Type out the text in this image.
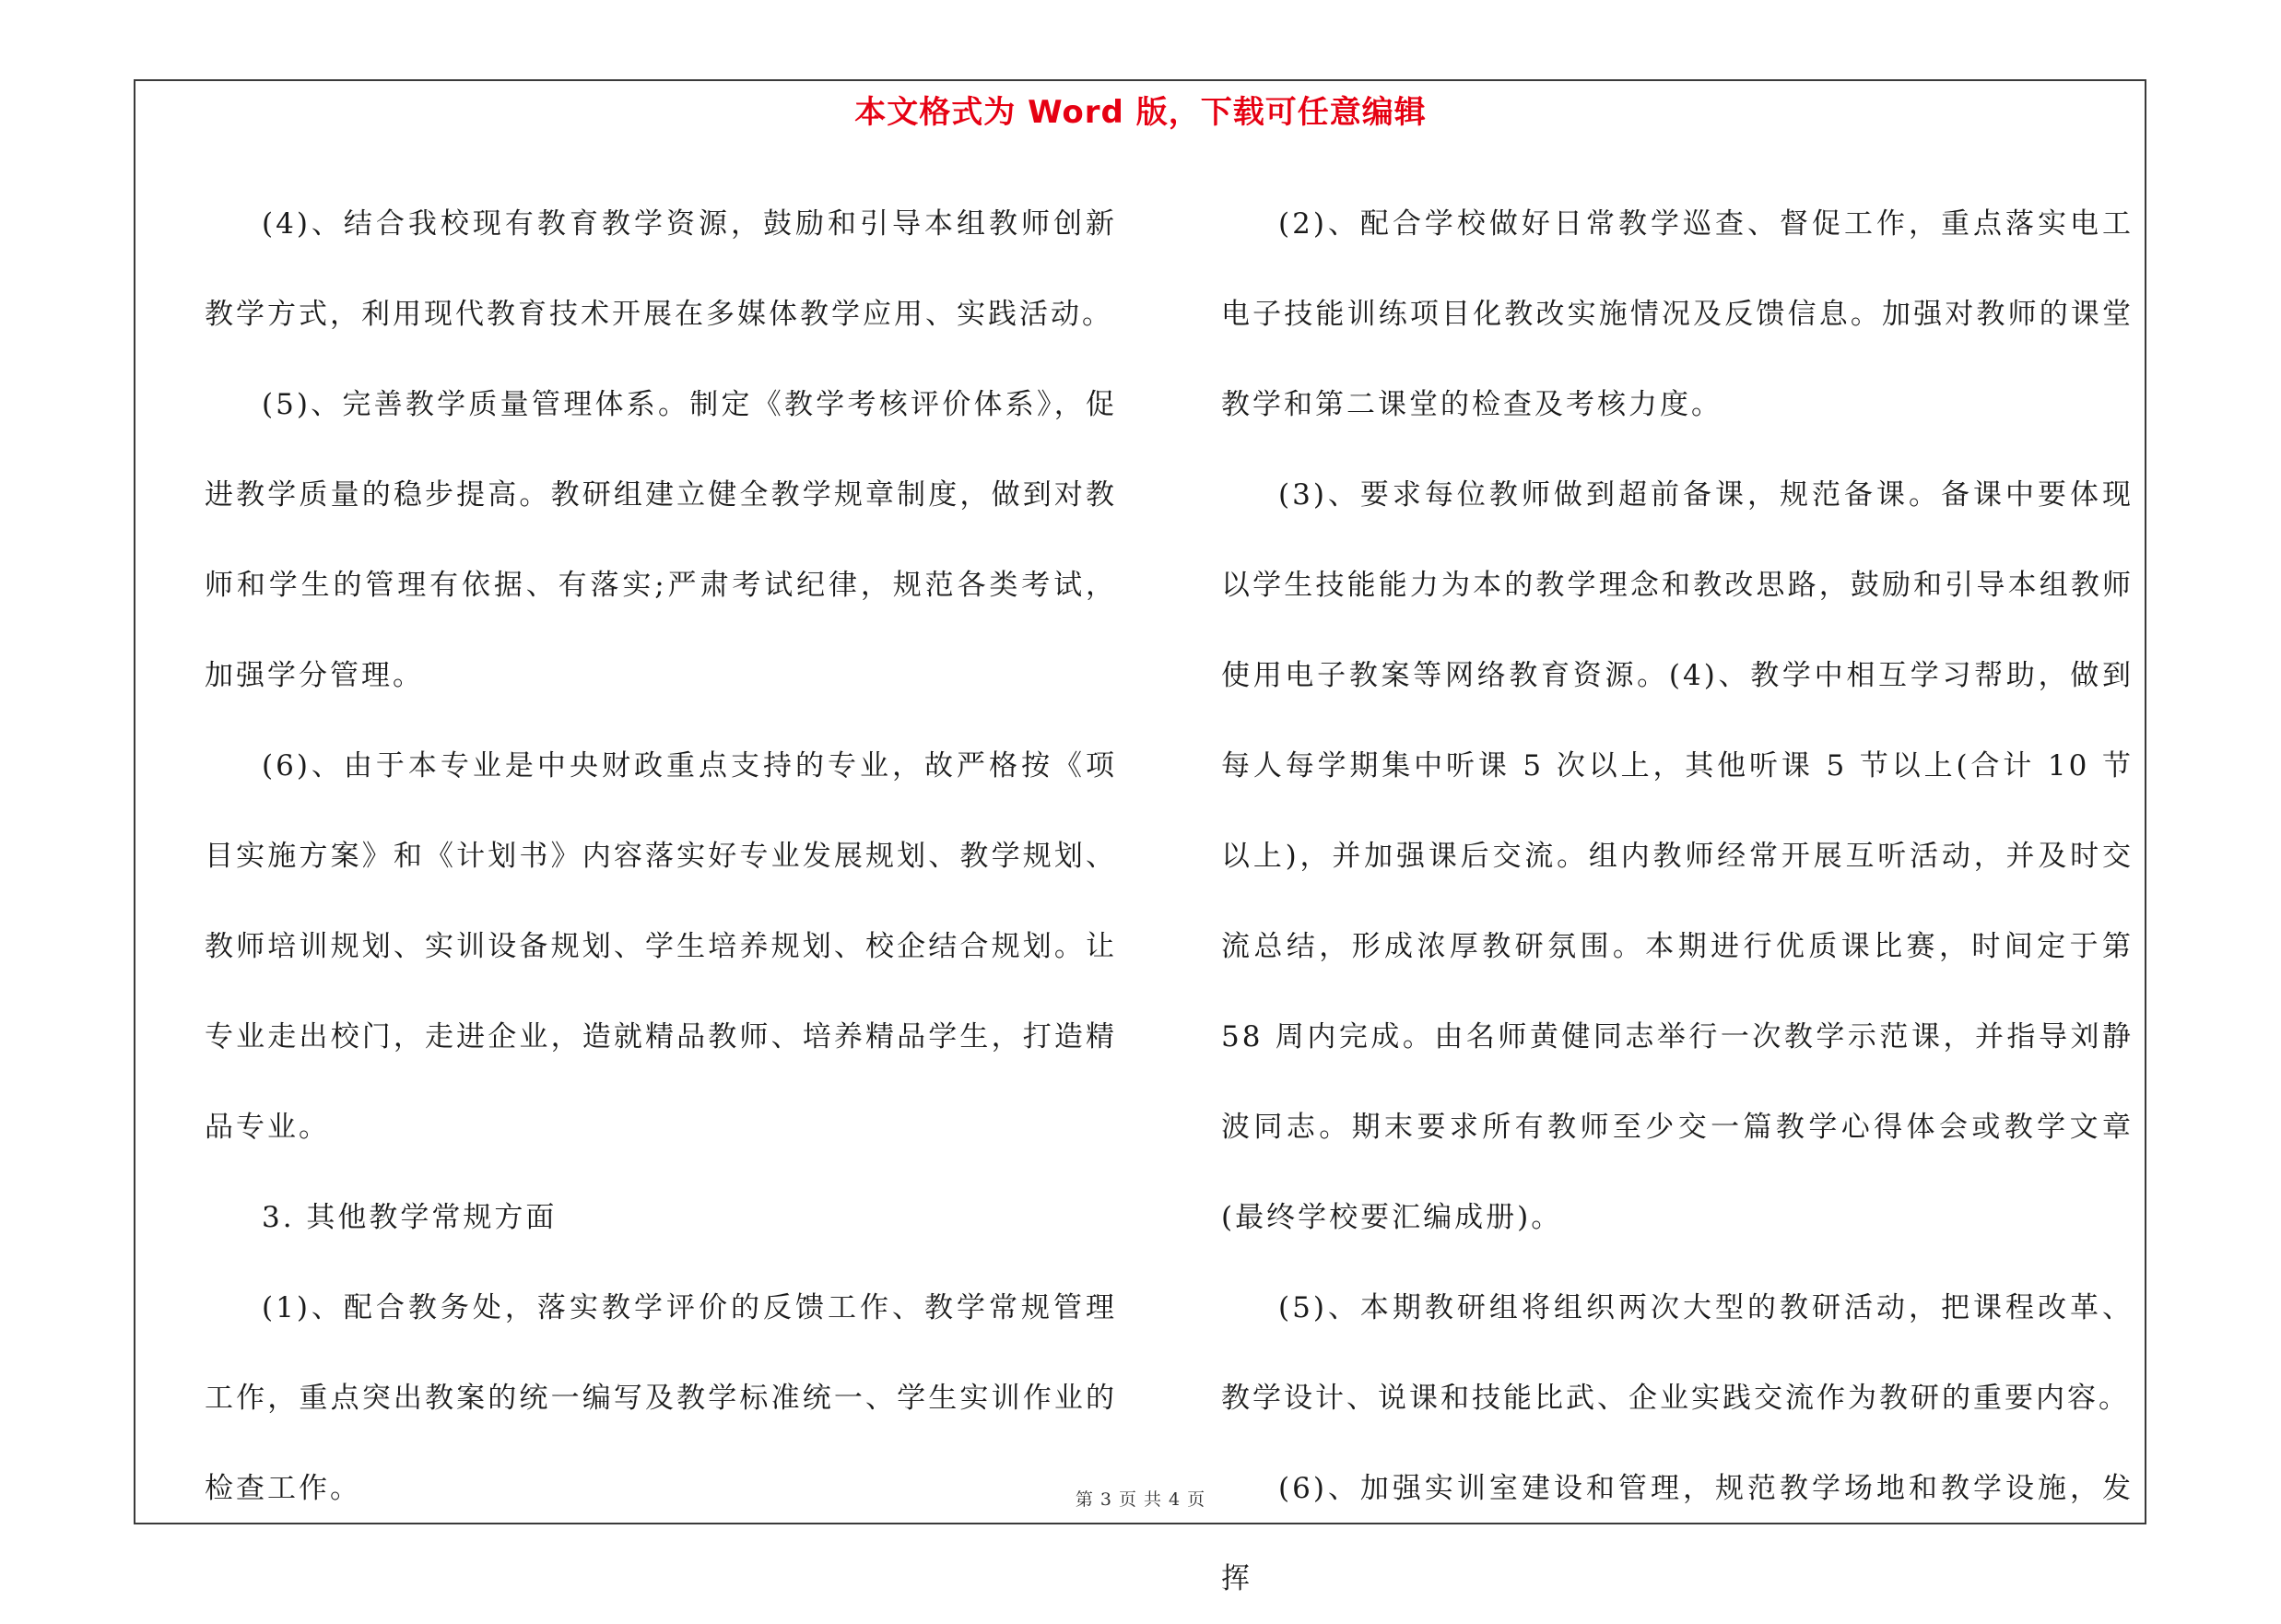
本文格式为 Word 版，下载可任意编辑

(4)、结合我校现有教育教学资源，鼓励和引导本组教师创新教学方式，利用现代教育技术开展在多媒体教学应用、实践活动。

(5)、完善教学质量管理体系。制定《教学考核评价体系》，促进教学质量的稳步提高。教研组建立健全教学规章制度，做到对教师和学生的管理有依据、有落实;严肃考试纪律，规范各类考试，加强学分管理。

(6)、由于本专业是中央财政重点支持的专业，故严格按《项目实施方案》和《计划书》内容落实好专业发展规划、教学规划、教师培训规划、实训设备规划、学生培养规划、校企结合规划。让专业走出校门，走进企业，造就精品教师、培养精品学生，打造精品专业。

3. 其他教学常规方面

(1)、配合教务处，落实教学评价的反馈工作、教学常规管理工作，重点突出教案的统一编写及教学标准统一、学生实训作业的检查工作。

(2)、配合学校做好日常教学巡查、督促工作，重点落实电工电子技能训练项目化教改实施情况及反馈信息。加强对教师的课堂教学和第二课堂的检查及考核力度。

(3)、要求每位教师做到超前备课，规范备课。备课中要体现以学生技能能力为本的教学理念和教改思路，鼓励和引导本组教师使用电子教案等网络教育资源。(4)、教学中相互学习帮助，做到每人每学期集中听课 5 次以上，其他听课 5 节以上(合计 10 节以上)，并加强课后交流。组内教师经常开展互听活动，并及时交流总结，形成浓厚教研氛围。本期进行优质课比赛，时间定于第 58 周内完成。由名师黄健同志举行一次教学示范课，并指导刘静波同志。期末要求所有教师至少交一篇教学心得体会或教学文章(最终学校要汇编成册)。

(5)、本期教研组将组织两次大型的教研活动，把课程改革、教学设计、说课和技能比武、企业实践交流作为教研的重要内容。

(6)、加强实训室建设和管理，规范教学场地和教学设施，发挥

第 3 页 共 4 页
